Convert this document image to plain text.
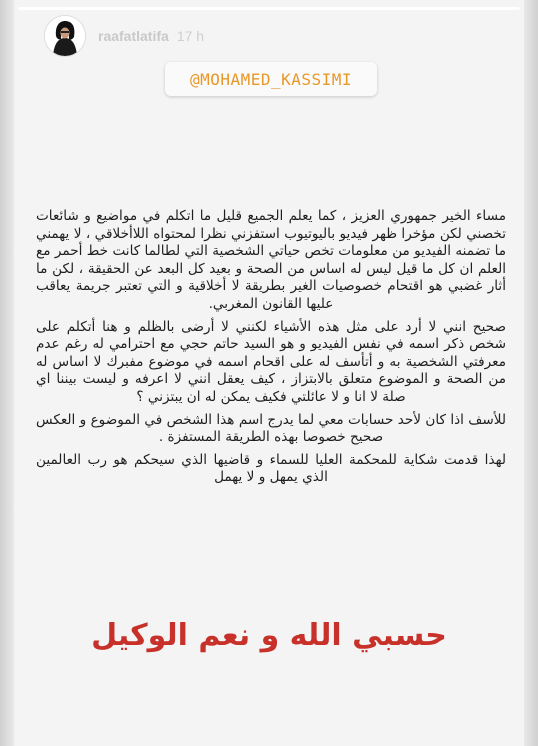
raafatlatifa 17 h
@MOHAMED_KASSIMI

مساء الخير جمهوري العزيز ، كما يعلم الجميع قليل ما اتكلم في مواضيع و شائعات تخصني لكن مؤخرا ظهر فيديو باليوتيوب استفزني نظرا لمحتواه اللاأخلاقي ، لا يهمني ما تضمنه الفيديو من معلومات تخص حياتي الشخصية التي لطالما كانت خط أحمر مع العلم ان كل ما قيل ليس له اساس من الصحة و بعيد كل البعد عن الحقيقة ، لكن ما أثار غضبي هو اقتحام خصوصيات الغير بطريقة لا أخلاقية و التي تعتبر جريمة يعاقب عليها القانون المغربي.

صحيح انني لا أرد على مثل هذه الأشياء لكنني لا أرضى بالظلم و هنا أتكلم على شخص ذكر اسمه في نفس الفيديو و هو السيد حاتم حجي مع احترامي له رغم عدم معرفتي الشخصية به و أتأسف له على اقحام اسمه في موضوع مفبرك لا اساس له من الصحة و الموضوع متعلق بالابتزاز ، كيف يعقل انني لا اعرفه و ليست بيننا اي صلة لا انا و لا عائلتي فكيف يمكن له ان يبتزني ؟

للأسف اذا كان لأحد حسابات معي لما يدرج اسم هذا الشخص في الموضوع و العكس صحيح خصوصا بهذه الطريقة المستفزة .

لهذا قدمت شكاية للمحكمة العليا للسماء و قاضيها الذي سيحكم هو رب العالمين الذي يمهل و لا يهمل

حسبي الله و نعم الوكيل
